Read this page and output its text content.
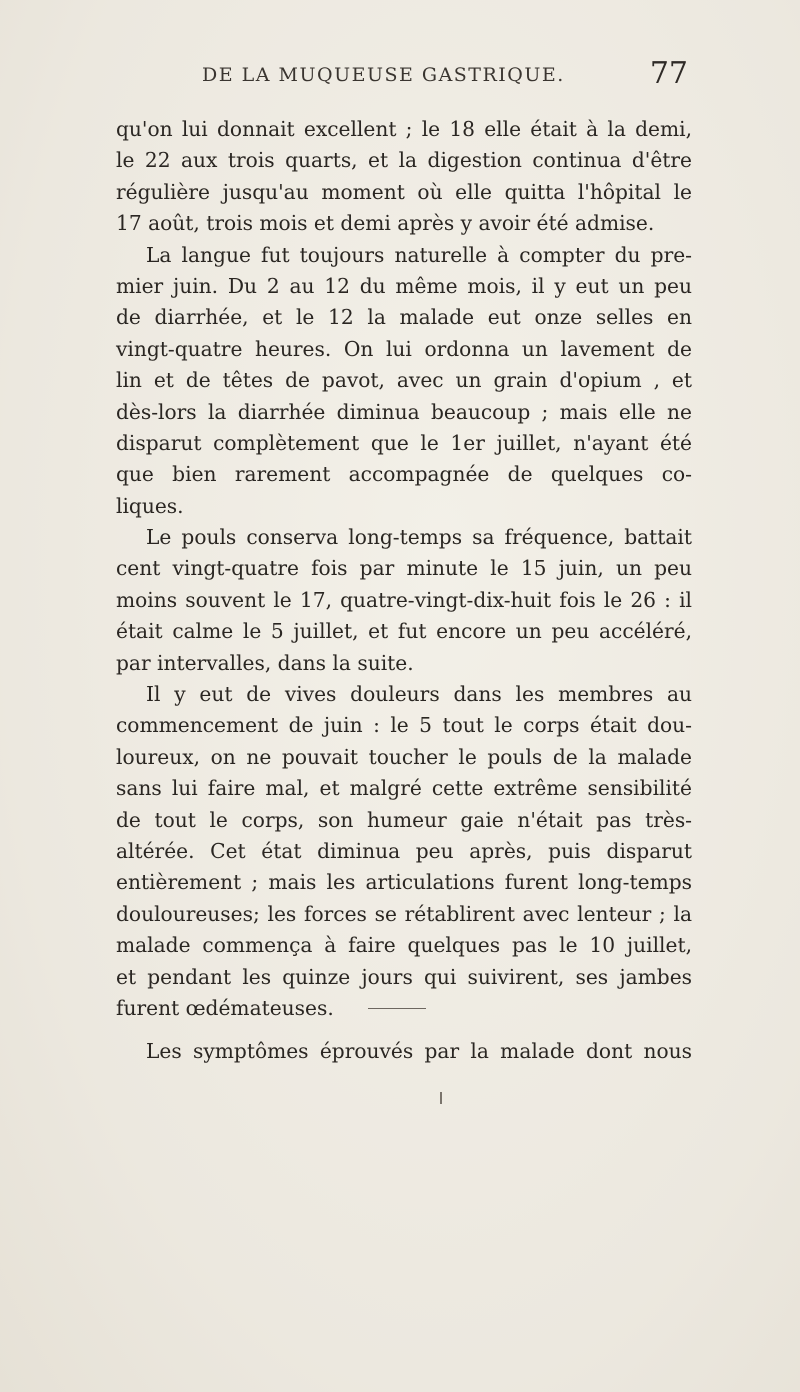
DE LA MUQUEUSE GASTRIQUE.	77
qu'on lui donnait excellent ; le 18 elle était à la demi,
le 22 aux trois quarts, et la digestion continua d'être
régulière jusqu'au moment où elle quitta l'hôpital le
17 août, trois mois et demi après y avoir été admise.
La langue fut toujours naturelle à compter du pre-
mier juin. Du 2 au 12 du même mois, il y eut un peu
de diarrhée, et le 12 la malade eut onze selles en
vingt-quatre heures. On lui ordonna un lavement de
lin et de têtes de pavot, avec un grain d'opium , et
dès-lors la diarrhée diminua beaucoup ; mais elle ne
disparut complètement que le 1er juillet, n'ayant été
que bien rarement accompagnée de quelques co-
liques.
Le pouls conserva long-temps sa fréquence, battait
cent vingt-quatre fois par minute le 15 juin, un peu
moins souvent le 17, quatre-vingt-dix-huit fois le 26 : il
était calme le 5 juillet, et fut encore un peu accéléré,
par intervalles, dans la suite.
Il y eut de vives douleurs dans les membres au
commencement de juin : le 5 tout le corps était dou-
loureux, on ne pouvait toucher le pouls de la malade
sans lui faire mal, et malgré cette extrême sensibilité
de tout le corps, son humeur gaie n'était pas très-
altérée. Cet état diminua peu après, puis disparut
entièrement ; mais les articulations furent long-temps
douloureuses; les forces se rétablirent avec lenteur ; la
malade commença à faire quelques pas le 10 juillet,
et pendant les quinze jours qui suivirent, ses jambes
furent œdémateuses.
Les symptômes éprouvés par la malade dont nous
